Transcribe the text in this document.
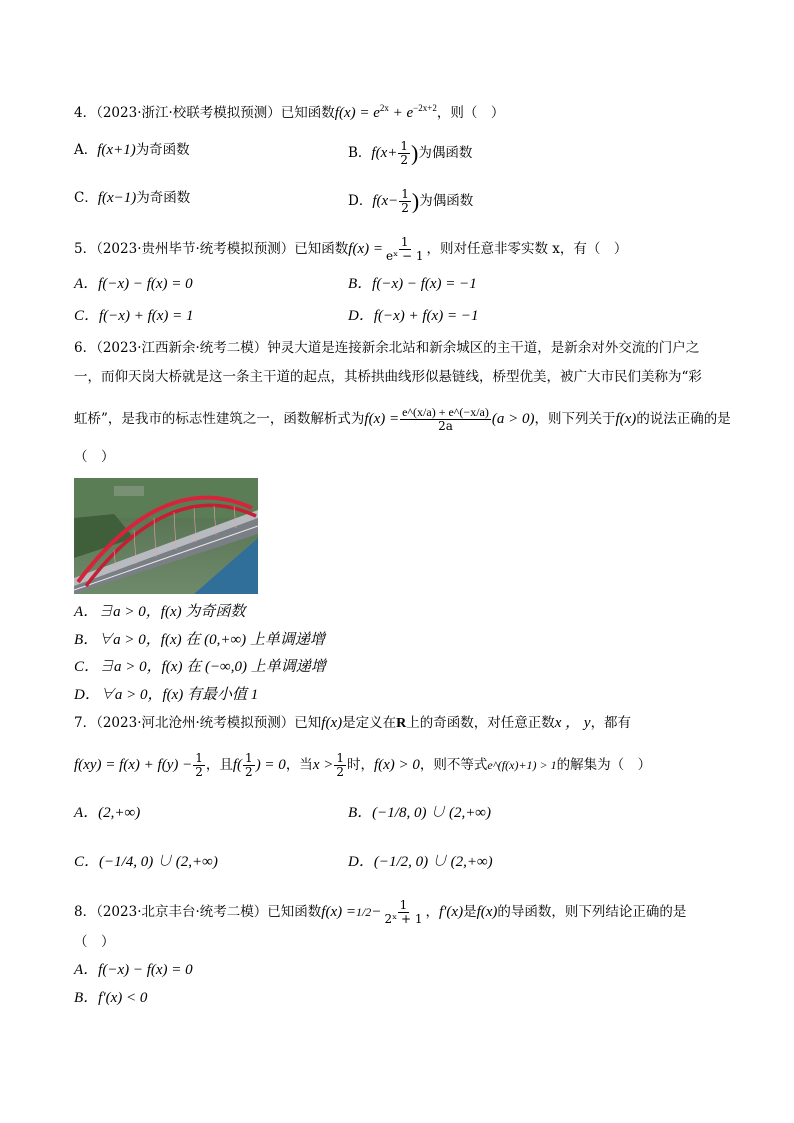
4．（2023·浙江·校联考模拟预测）已知函数$f(x) = e^{2x} + e^{-2x+2}$，则（　）
A．f(x+1)为奇函数	B．$f(x+ \frac{1}{2}$ )为偶函数
C．f(x−1)为奇函数	D．$f(x- \frac{1}{2}$ )为偶函数
5．（2023·贵州毕节·统考模拟预测）已知函数$f(x) = \frac{1}{\text{eˣ − 1}}$ ，则对任意非零实数 x，有（　）
A．f(−x) − f(x) = 0	B．f(−x) − f(x) = −1
C．f(−x) + f(x) = 1	D．f(−x) + f(x) = −1
6．（2023·江西新余·统考二模）钟灵大道是连接新余北站和新余城区的主干道，是新余对外交流的门户之
一，而仰天岗大桥就是这一条主干道的起点，其桥拱曲线形似悬链线，桥型优美，被广大市民们美称为“彩
虹桥”，是我市的标志性建筑之一，函数解析式为$f(x) = \frac{e\^{}(x/a) + e\^{}(-x/a)}{2a} (a > 0)$，则下列关于f(x)的说法正确的是
（　）
A．∃a > 0，f(x) 为奇函数
B．∀a > 0，f(x) 在 (0,+∞) 上单调递增
C．∃a > 0，f(x) 在 (−∞,0) 上单调递增
D．∀a > 0，f(x) 有最小值 1
7．（2023·河北沧州·统考模拟预测）已知f(x)是定义在R上的奇函数，对任意正数x ， y，都有
$f(xy) = f(x) + f(y) - \frac{1}{2}$ ，且$f( \frac{1}{2}$ ) = 0，当$x > \frac{1}{2}$ 时，f(x) > 0，则不等式e^(f(x)+1) > 1的解集为（　）
A．(2,+∞)	B．(−1/8, 0) ∪ (2,+∞)
C．(−1/4, 0) ∪ (2,+∞)	D．(−1/2, 0) ∪ (2,+∞)
8．（2023·北京丰台·统考二模）已知函数$f(x) =1/2- \frac{1}{\text{2ˣ + 1}}$ ，f′(x)是f(x)的导函数，则下列结论正确的是
（　）
A．f(−x) − f(x) = 0
B．f′(x) < 0
